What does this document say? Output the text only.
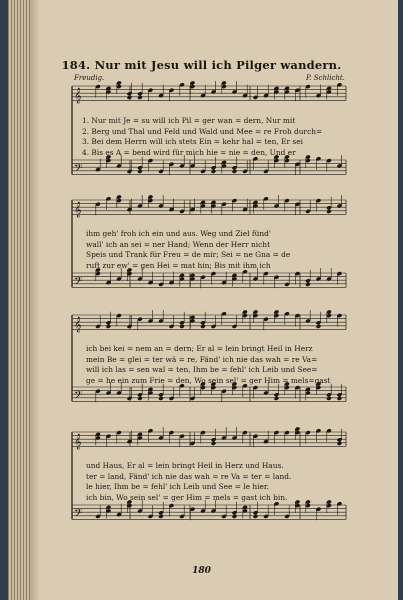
184. Nur mit Jesu will ich Pilger wandern.
Freudig.	P. Schlicht.
𝄞
𝄢
𝄞
𝄢
𝄞
𝄢
𝄞
𝄢
1. Nur mit Je = su will ich Pil = ger wan = dern, Nur mit
2. Berg und Thal und Feld und Wald und Mee = re Froh durch=
3. Bei dem Herrn will ich stets Ein = kehr hal = ten, Er sei
4. Bis es A = bend wird für mich hie = nie = den, Und er
ihm geh' froh ich ein und aus. Weg und Ziel fünd'
wall' ich an sei = ner Hand; Wenn der Herr nicht
Speis und Trank für Freu = de mir; Sei = ne Gna = de
ruft zur ew' = gen Hei = mat hin; Bis mit ihm ich
ich bei kei = nem an = dern; Er al = lein bringt Heil in Herz
mein Be = glei = ter wä = re, Fänd' ich nie das wah = re Va=
will ich las = sen wal = ten, Ihm be = fehl' ich Leib und See=
ge = he ein zum Frie = den, Wo sein sel' = ger Him = mels=gast
und Haus, Er al = lein bringt Heil in Herz und Haus.
ter = land, Fänd' ich nie das wah = re Va = ter = land.
le hier, Ihm be = fehl' ich Leib und See = le hier.
ich bin, Wo sein sel' = ger Him = mels = gast ich bin.
180
